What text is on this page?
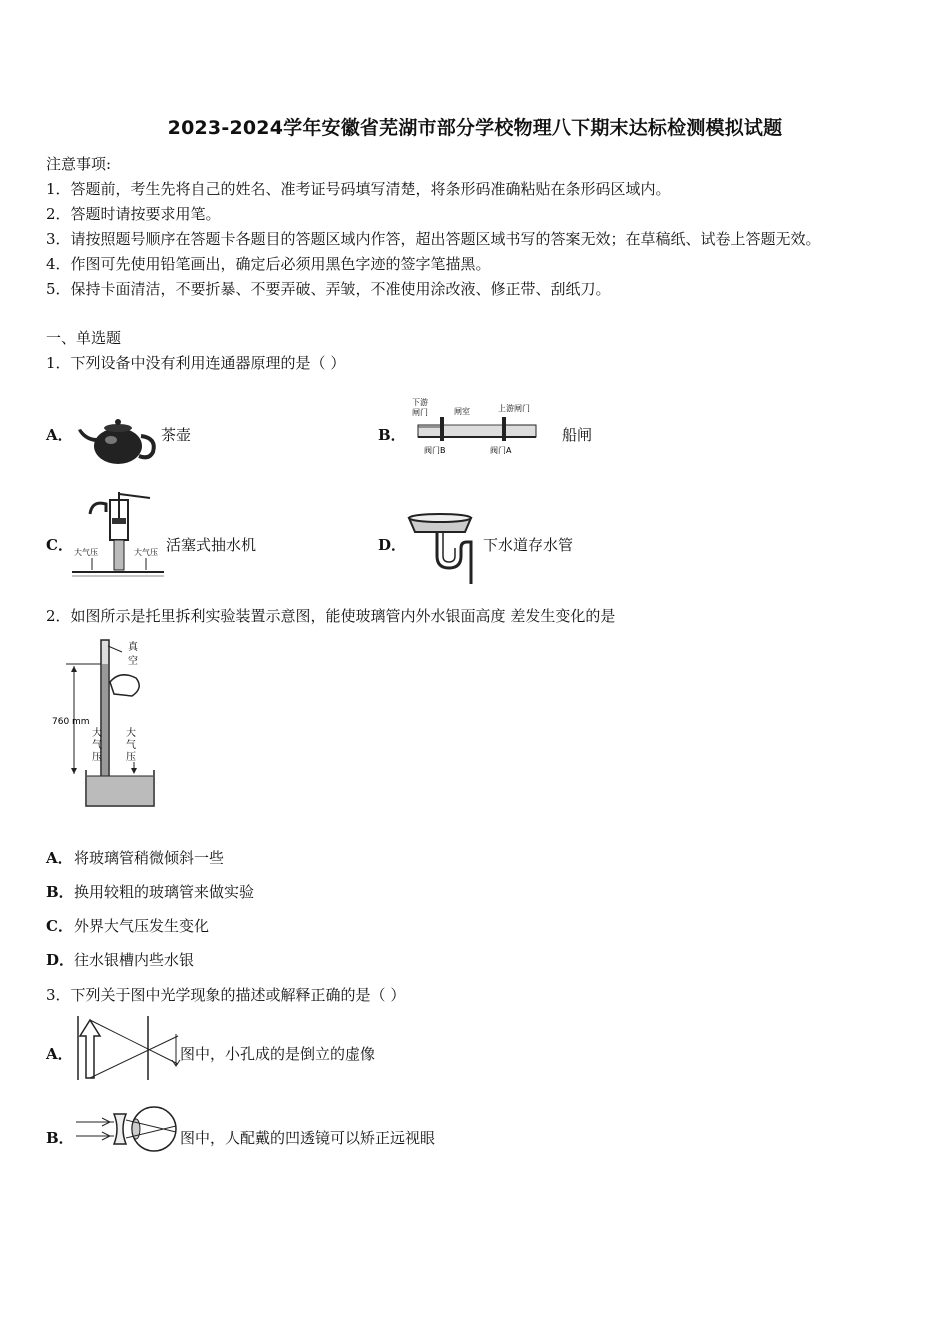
2023-2024学年安徽省芜湖市部分学校物理八下期末达标检测模拟试题
注意事项:
1．答题前，考生先将自己的姓名、准考证号码填写清楚，将条形码准确粘贴在条形码区域内。
2．答题时请按要求用笔。
3．请按照题号顺序在答题卡各题目的答题区域内作答，超出答题区域书写的答案无效；在草稿纸、试卷上答题无效。
4．作图可先使用铅笔画出，确定后必须用黑色字迹的签字笔描黑。
5．保持卡面清洁，不要折暴、不要弄破、弄皱，不准使用涂改液、修正带、刮纸刀。
一、单选题
1．下列设备中没有利用连通器原理的是（ ）
A．	茶壶	B．
下游
闸门	闸室	上游闸门
阀门B	阀门A
船闸
C． 大气压	大气压 活塞式抽水机	D．	下水道存水管
2．如图所示是托里拆利实验装置示意图，能使玻璃管内外水银面高度 差发生变化的是
760 mm
真
空
大
气
压
大
气
压
A． 将玻璃管稍微倾斜一些
B． 换用较粗的玻璃管来做实验
C． 外界大气压发生变化
D． 往水银槽内些水银
3．下列关于图中光学现象的描述或解释正确的是（ ）
A．	图中，小孔成的是倒立的虚像
B．	图中，人配戴的凹透镜可以矫正远视眼
